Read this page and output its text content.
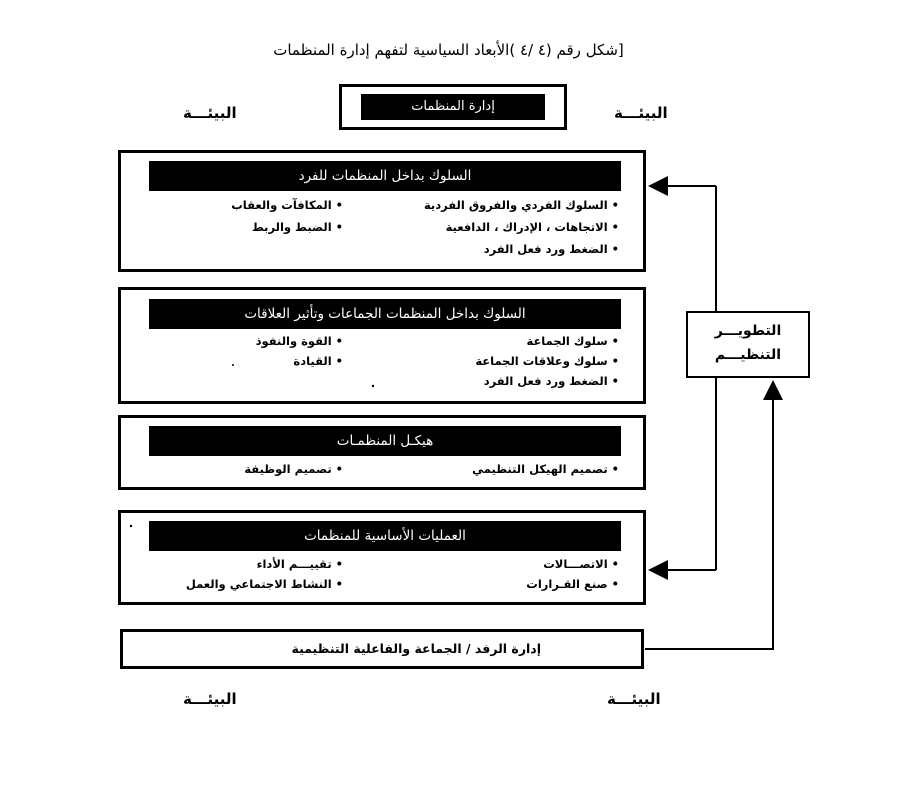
[شكل رقم (٤ /٤ )الأبعاد السياسية لتفهم إدارة المنظمات
البيئـــة	البيئـــة
البيئـــة	البيئـــة
إدارة المنظمات
السلوك بداخل المنظمات للفرد
• السلوك الفردي والفروق الفردية
• الاتجاهات ، الإدراك ، الدافعية
• الضغط ورد فعل الفرد
• المكافآت والعقاب
• الضبط والربط
السلوك بداخل المنظمات الجماعات وتأثير العلاقات
• سلوك الجماعة
• سلوك وعلاقات الجماعة
• الضغط ورد فعل الفرد
• القوة والنفوذ
• القيادة
هيكـل المنظمـات
• تصميم الهيكل التنظيمي
• تصميم الوظيفة
العمليات الأساسية للمنظمات
• الاتصـــالات
• صنع القـرارات
• تقييـــم الأداء
• النشاط الاجتماعي والعمل
إدارة الرفد / الجماعة والفاعلية التنظيمية
التطويـــر
التنظيـــم
